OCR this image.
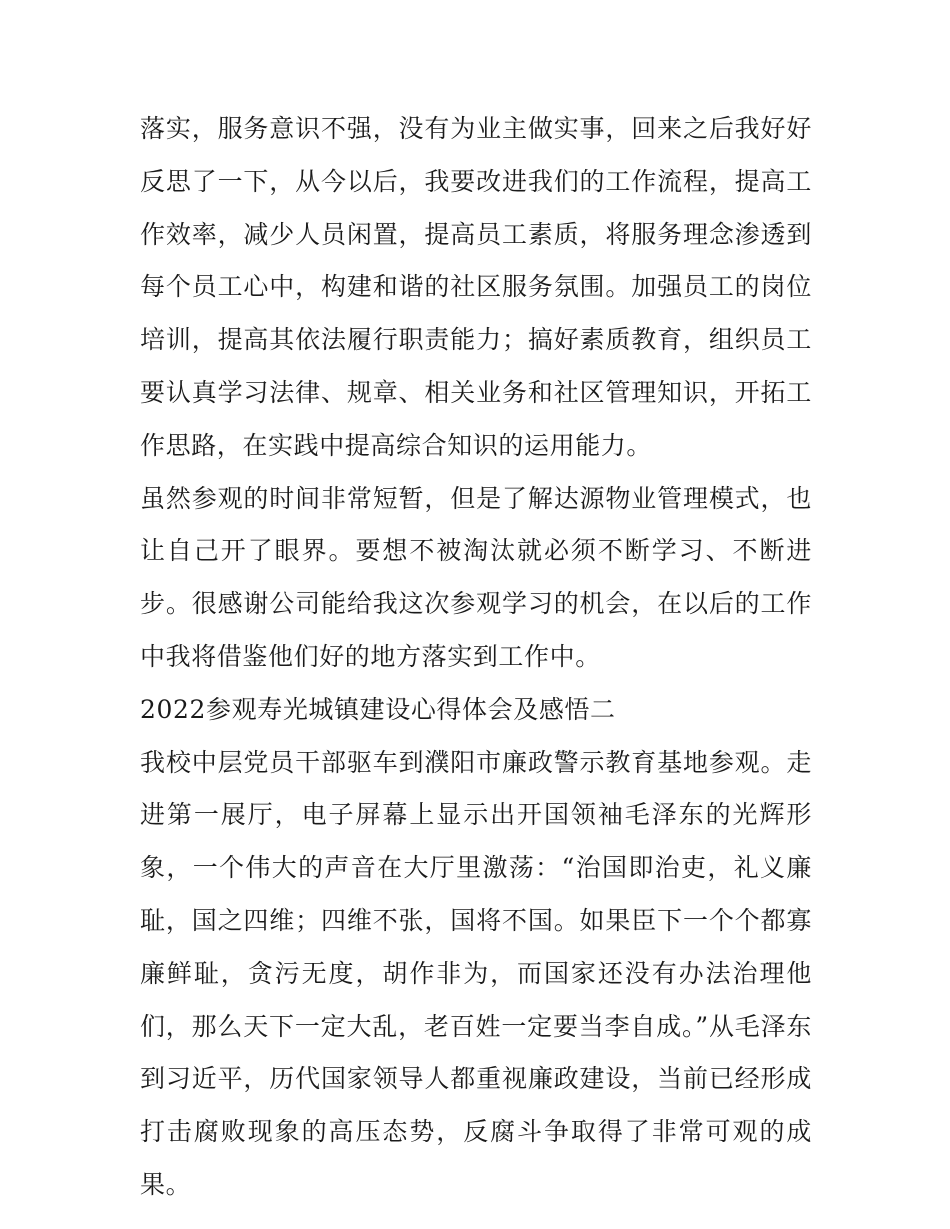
落实，服务意识不强，没有为业主做实事，回来之后我好好反思了一下，从今以后，我要改进我们的工作流程，提高工作效率，减少人员闲置，提高员工素质，将服务理念渗透到每个员工心中，构建和谐的社区服务氛围。加强员工的岗位培训，提高其依法履行职责能力；搞好素质教育，组织员工要认真学习法律、规章、相关业务和社区管理知识，开拓工作思路，在实践中提高综合知识的运用能力。

虽然参观的时间非常短暂，但是了解达源物业管理模式，也让自己开了眼界。要想不被淘汰就必须不断学习、不断进步。很感谢公司能给我这次参观学习的机会，在以后的工作中我将借鉴他们好的地方落实到工作中。

2022参观寿光城镇建设心得体会及感悟二

我校中层党员干部驱车到濮阳市廉政警示教育基地参观。走进第一展厅，电子屏幕上显示出开国领袖毛泽东的光辉形象，一个伟大的声音在大厅里激荡：“治国即治吏，礼义廉耻，国之四维；四维不张，国将不国。如果臣下一个个都寡廉鲜耻，贪污无度，胡作非为，而国家还没有办法治理他们，那么天下一定大乱，老百姓一定要当李自成。”从毛泽东到习近平，历代国家领导人都重视廉政建设，当前已经形成打击腐败现象的高压态势，反腐斗争取得了非常可观的成果。
